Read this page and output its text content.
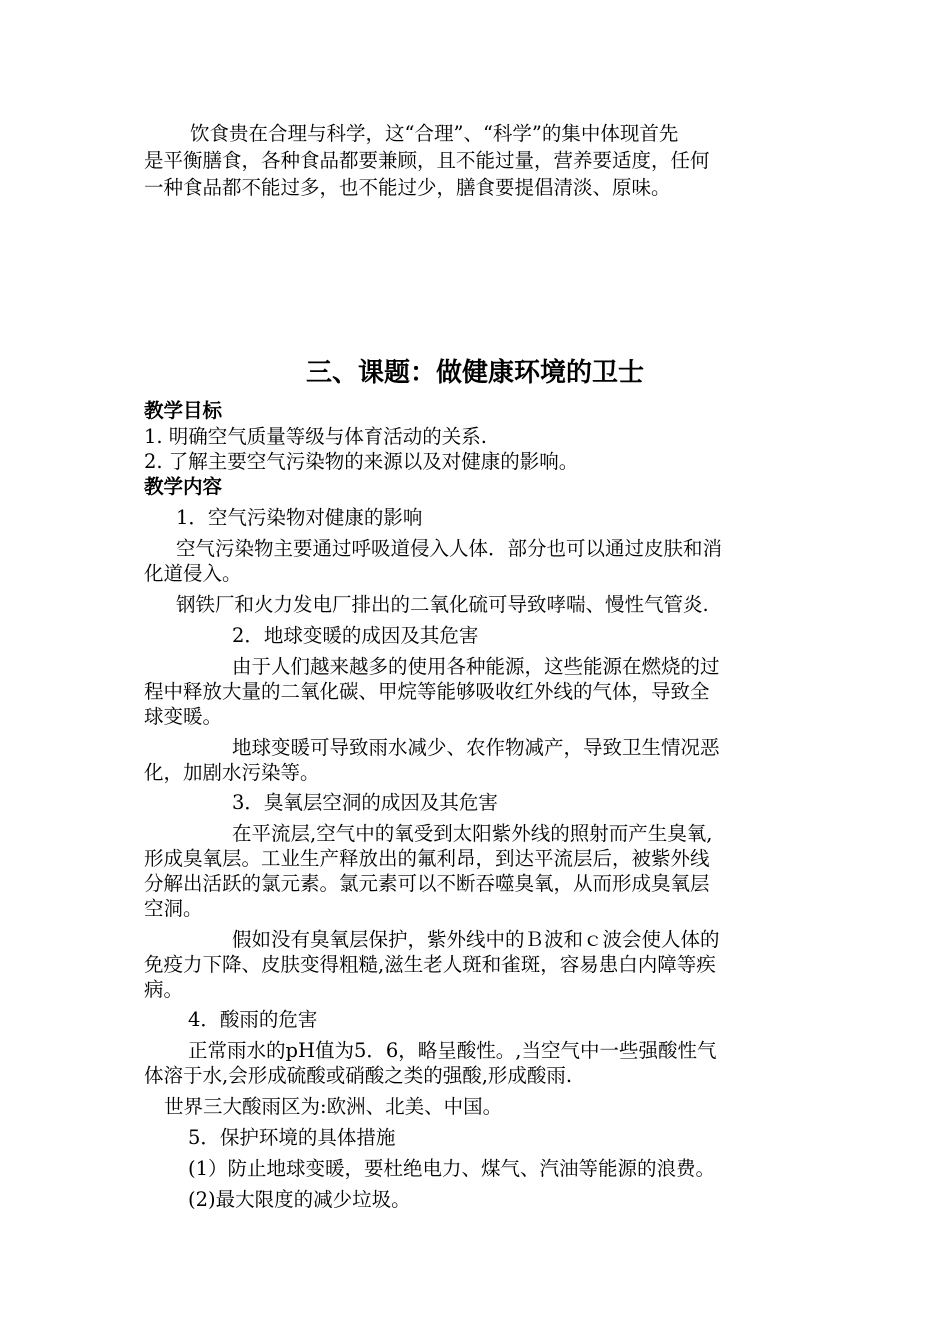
饮食贵在合理与科学，这“合理”、“科学”的集中体现首先
是平衡膳食，各种食品都要兼顾，且不能过量，营养要适度，任何
一种食品都不能过多，也不能过少，膳食要提倡清淡、原味。
三、课题：做健康环境的卫士
教学目标
1. 明确空气质量等级与体育活动的关系.
2. 了解主要空气污染物的来源以及对健康的影响。
教学内容
1．空气污染物对健康的影响
空气污染物主要通过呼吸道侵入人体．部分也可以通过皮肤和消
化道侵入。
钢铁厂和火力发电厂排出的二氧化硫可导致哮喘、慢性气管炎.
2．地球变暖的成因及其危害
由于人们越来越多的使用各种能源，这些能源在燃烧的过
程中释放大量的二氧化碳、甲烷等能够吸收红外线的气体，导致全
球变暖。
地球变暖可导致雨水减少、农作物减产，导致卫生情况恶
化，加剧水污染等。
3．臭氧层空洞的成因及其危害
在平流层,空气中的氧受到太阳紫外线的照射而产生臭氧,
形成臭氧层。工业生产释放出的氟利昂，到达平流层后，被紫外线
分解出活跃的氯元素。氯元素可以不断吞噬臭氧，从而形成臭氧层
空洞。
假如没有臭氧层保护，紫外线中的Ｂ波和ｃ波会使人体的
免疫力下降、皮肤变得粗糙,滋生老人斑和雀斑，容易患白内障等疾
病。
4．酸雨的危害
正常雨水的pH值为5．6，略呈酸性。,当空气中一些强酸性气
体溶于水,会形成硫酸或硝酸之类的强酸,形成酸雨.
世界三大酸雨区为:欧洲、北美、中国。
5．保护环境的具体措施
(1）防止地球变暖，要杜绝电力、煤气、汽油等能源的浪费。
(2)最大限度的减少垃圾。
